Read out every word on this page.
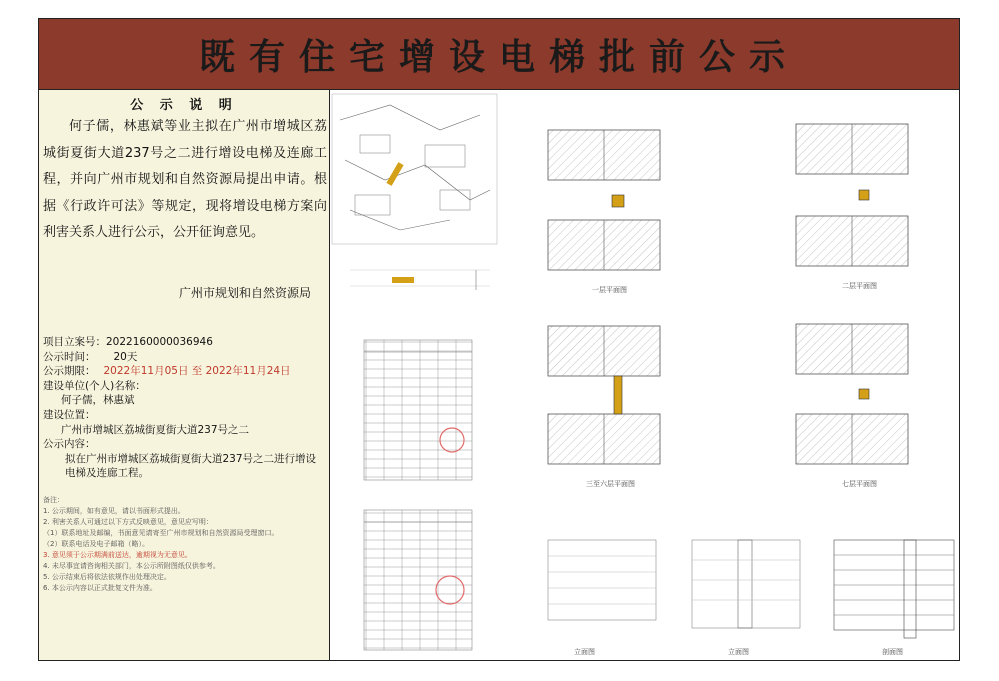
既有住宅增设电梯批前公示
公 示 说 明

何子儒，林惠斌等业主拟在广州市增城区荔城街夏街大道237号之二进行增设电梯及连廊工程，并向广州市规划和自然资源局提出申请。根据《行政许可法》等规定，现将增设电梯方案向利害关系人进行公示，公开征询意见。

广州市规划和自然资源局
项目立案号：2022160000036946
公示时间： 20天
公示期限： 2022年11月05日 至 2022年11月24日
建设单位(个人)名称：
何子儒，林惠斌
建设位置：
广州市增城区荔城街夏街大道237号之二
公示内容：
拟在广州市增城区荔城街夏街大道237号之二进行增设电梯及连廊工程。
备注：
1. 公示期间，如有意见，请以书面形式提出。
2. 利害关系人可通过以下方式反映意见，意见应写明：
（1）联系地址及邮编，书面意见请寄至广州市规划和自然资源局受理窗口。
（2）联系电话及电子邮箱（略）。
3. 意见须于公示期满前送达，逾期视为无意见。
4. 未尽事宜请咨询相关部门，本公示所附图纸仅供参考。
5. 公示结束后将依法依规作出处理决定。
6. 本公示内容以正式批复文件为准。
一层平面图	二层平面图
三至六层平面图	七层平面图
立面图	立面图	剖面图
